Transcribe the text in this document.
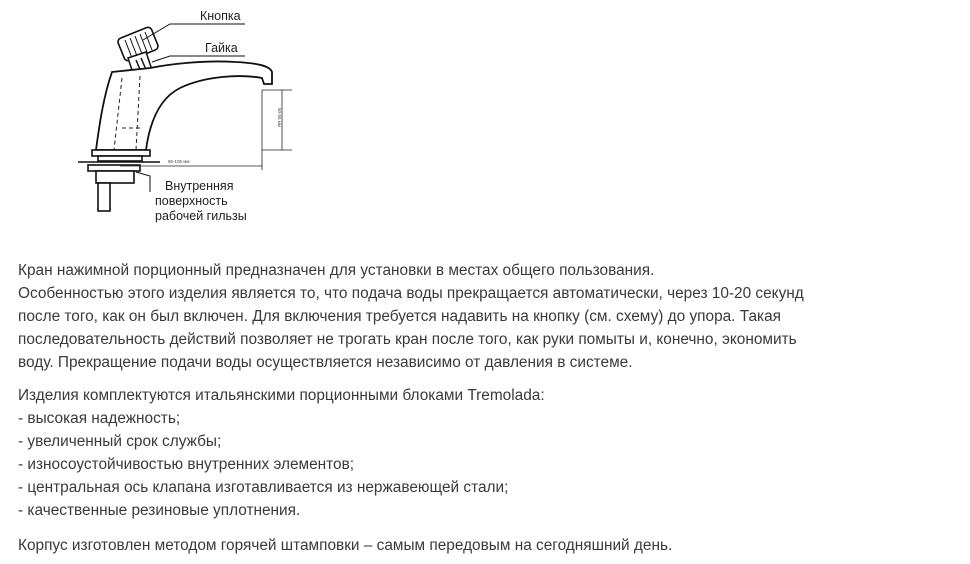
95-105 мм
50-55 мм
Кнопка
Гайка
Внутренняя
поверхность
рабочей гильзы

Кран нажимной порционный предназначен для установки в местах общего пользования.
Особенностью этого изделия является то, что подача воды прекращается автоматически, через 10-20 секунд
после того, как он был включен. Для включения требуется надавить на кнопку (см. схему) до упора. Такая
последовательность действий позволяет не трогать кран после того, как руки помыты и, конечно, экономить
воду. Прекращение подачи воды осуществляется независимо от давления в системе.

Изделия комплектуются итальянскими порционными блоками Tremolada:
- высокая надежность;
- увеличенный срок службы;
- износоустойчивостью внутренних элементов;
- центральная ось клапана изготавливается из нержавеющей стали;
- качественные резиновые уплотнения.

Корпус изготовлен методом горячей штамповки – самым передовым на сегодняшний день.
